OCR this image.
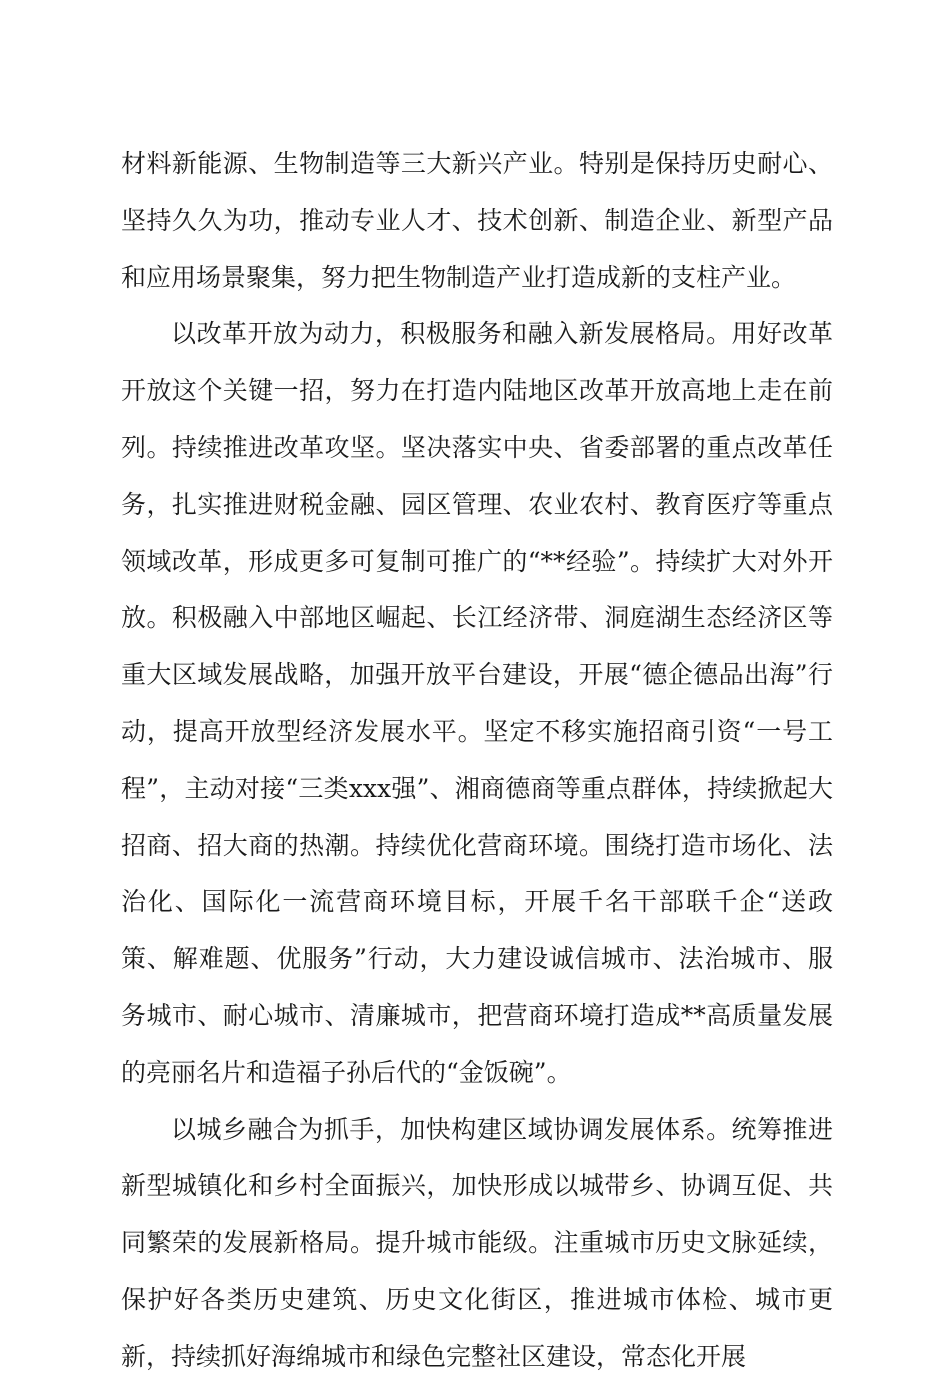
材料新能源、生物制造等三大新兴产业。特别是保持历史耐心、坚持久久为功，推动专业人才、技术创新、制造企业、新型产品和应用场景聚集，努力把生物制造产业打造成新的支柱产业。

以改革开放为动力，积极服务和融入新发展格局。用好改革开放这个关键一招，努力在打造内陆地区改革开放高地上走在前列。持续推进改革攻坚。坚决落实中央、省委部署的重点改革任务，扎实推进财税金融、园区管理、农业农村、教育医疗等重点领域改革，形成更多可复制可推广的“**经验”。持续扩大对外开放。积极融入中部地区崛起、长江经济带、洞庭湖生态经济区等重大区域发展战略，加强开放平台建设，开展“德企德品出海”行动，提高开放型经济发展水平。坚定不移实施招商引资“一号工程”，主动对接“三类xxx强”、湘商德商等重点群体，持续掀起大招商、招大商的热潮。持续优化营商环境。围绕打造市场化、法治化、国际化一流营商环境目标，开展千名干部联千企“送政策、解难题、优服务”行动，大力建设诚信城市、法治城市、服务城市、耐心城市、清廉城市，把营商环境打造成**高质量发展的亮丽名片和造福子孙后代的“金饭碗”。

以城乡融合为抓手，加快构建区域协调发展体系。统筹推进新型城镇化和乡村全面振兴，加快形成以城带乡、协调互促、共同繁荣的发展新格局。提升城市能级。注重城市历史文脉延续，保护好各类历史建筑、历史文化街区，推进城市体检、城市更新，持续抓好海绵城市和绿色完整社区建设，常态化开展
